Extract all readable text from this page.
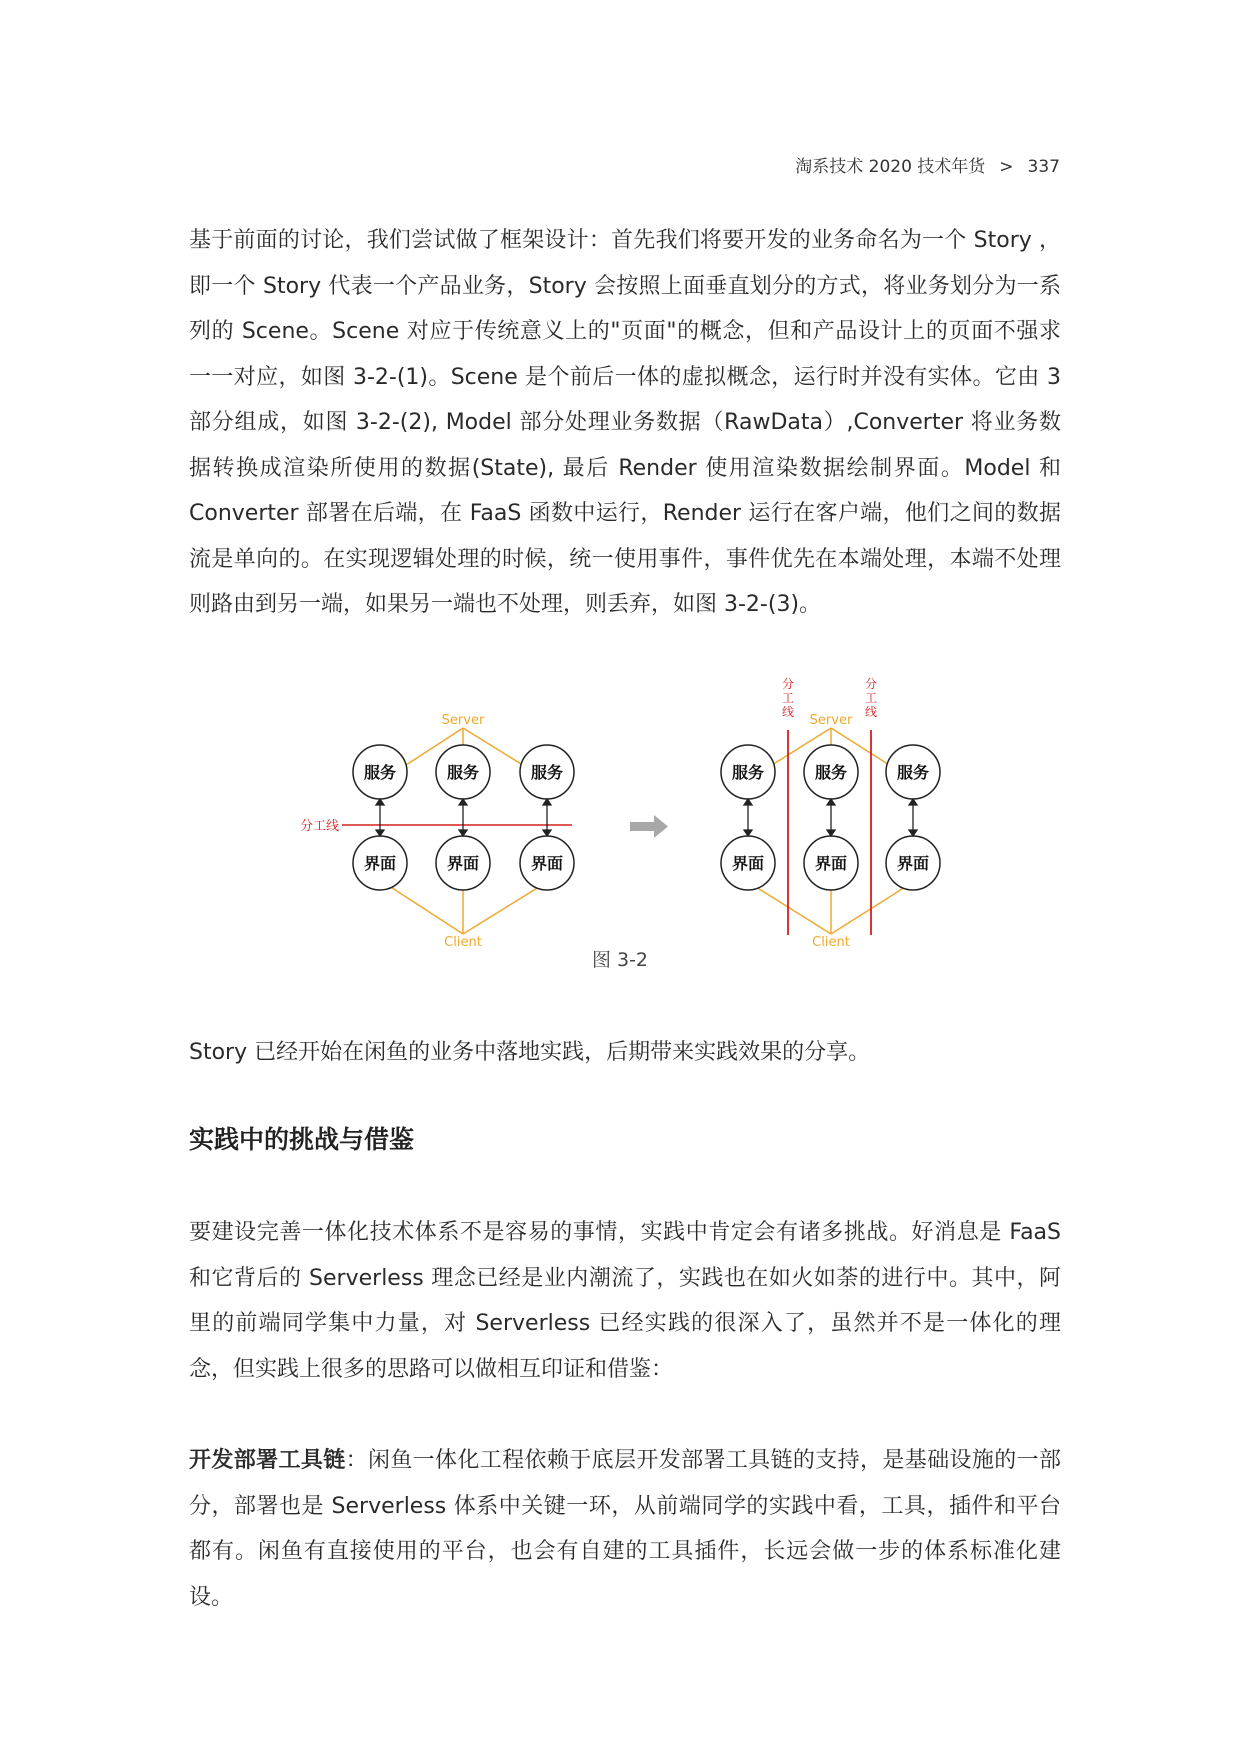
淘系技术 2020 技术年货 > 337

基于前面的讨论，我们尝试做了框架设计：首先我们将要开发的业务命名为一个 Story ，即一个 Story 代表一个产品业务，Story 会按照上面垂直划分的方式，将业务划分为一系列的 Scene。Scene 对应于传统意义上的"页面"的概念，但和产品设计上的页面不强求一一对应，如图 3-2-(1)。Scene 是个前后一体的虚拟概念，运行时并没有实体。它由 3 部分组成，如图 3-2-(2), Model 部分处理业务数据（RawData）,Converter 将业务数据转换成渲染所使用的数据(State), 最后 Render 使用渲染数据绘制界面。Model 和 Converter 部署在后端，在 FaaS 函数中运行，Render 运行在客户端，他们之间的数据流是单向的。在实现逻辑处理的时候，统一使用事件，事件优先在本端处理，本端不处理则路由到另一端，如果另一端也不处理，则丢弃，如图 3-2-(3)。

Server
Client
分工线
服务	服务	服务
界面	界面	界面
Server
Client
分
工
线
分
工
线
服务	服务	服务
界面	界面	界面
图 3-2

Story 已经开始在闲鱼的业务中落地实践，后期带来实践效果的分享。

实践中的挑战与借鉴

要建设完善一体化技术体系不是容易的事情，实践中肯定会有诸多挑战。好消息是 FaaS 和它背后的 Serverless 理念已经是业内潮流了，实践也在如火如荼的进行中。其中，阿里的前端同学集中力量，对 Serverless 已经实践的很深入了，虽然并不是一体化的理念，但实践上很多的思路可以做相互印证和借鉴：

开发部署工具链：闲鱼一体化工程依赖于底层开发部署工具链的支持，是基础设施的一部分，部署也是 Serverless 体系中关键一环，从前端同学的实践中看，工具，插件和平台都有。闲鱼有直接使用的平台，也会有自建的工具插件，长远会做一步的体系标准化建设。
